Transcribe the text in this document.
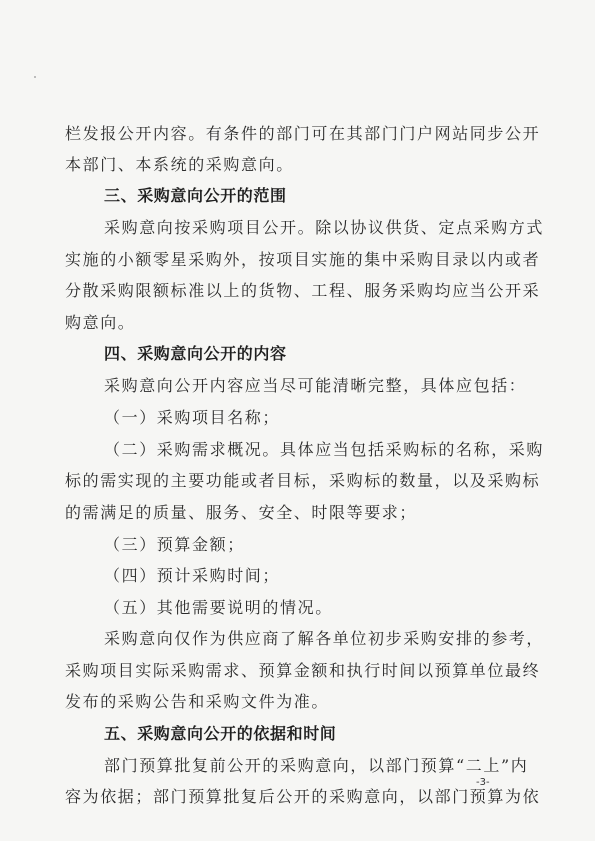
栏发报公开内容。有条件的部门可在其部门门户网站同步公开
本部门、本系统的采购意向。
三、采购意向公开的范围
采购意向按采购项目公开。除以协议供货、定点采购方式
实施的小额零星采购外，按项目实施的集中采购目录以内或者
分散采购限额标准以上的货物、工程、服务采购均应当公开采
购意向。
四、采购意向公开的内容
采购意向公开内容应当尽可能清晰完整，具体应包括：
（一）采购项目名称；
（二）采购需求概况。具体应当包括采购标的名称，采购
标的需实现的主要功能或者目标，采购标的数量，以及采购标
的需满足的质量、服务、安全、时限等要求；
（三）预算金额；
（四）预计采购时间；
（五）其他需要说明的情况。
采购意向仅作为供应商了解各单位初步采购安排的参考，
采购项目实际采购需求、预算金额和执行时间以预算单位最终
发布的采购公告和采购文件为准。
五、采购意向公开的依据和时间
部门预算批复前公开的采购意向，以部门预算“二上”内
容为依据；部门预算批复后公开的采购意向，以部门预算为依
-3-
